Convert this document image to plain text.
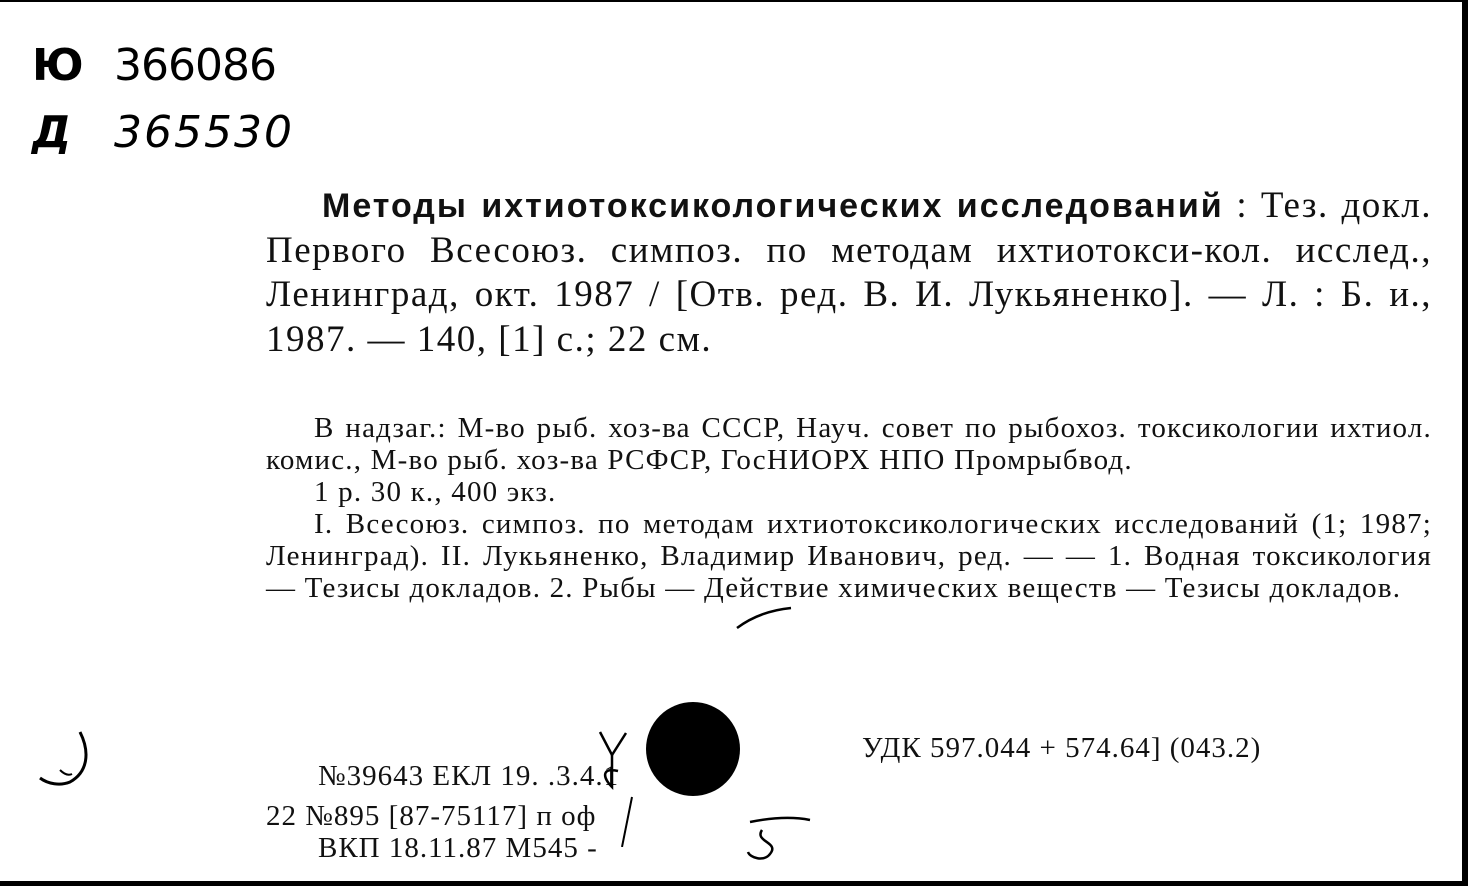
Ю 366086
Д 365530
Методы ихтиотоксикологических исследований : Тез. докл. Первого Всесоюз. симпоз. по методам ихтиотокси-кол. исслед., Ленинград, окт. 1987 / [Отв. ред. В. И. Лукьяненко]. — Л. : Б. и., 1987. — 140, [1] с.; 22 см.

В надзаг.: М-во рыб. хоз-ва СССР, Науч. совет по рыбохоз. токсикологии ихтиол. комис., М-во рыб. хоз-ва РСФСР, ГосНИОРХ НПО Промрыбвод.

1 р. 30 к., 400 экз.

I. Всесоюз. симпоз. по методам ихтиотоксикологических исследований (1; 1987; Ленинград). II. Лукьяненко, Владимир Иванович, ред. — — 1. Водная токсикология — Тезисы докладов. 2. Рыбы — Действие химических веществ — Тезисы докладов.

УДК 597.044 + 574.64] (043.2)
№39643 ЕКЛ 19. .3.4.1
22 №895 [87-75117] п оф
ВКП 18.11.87 М545 -
